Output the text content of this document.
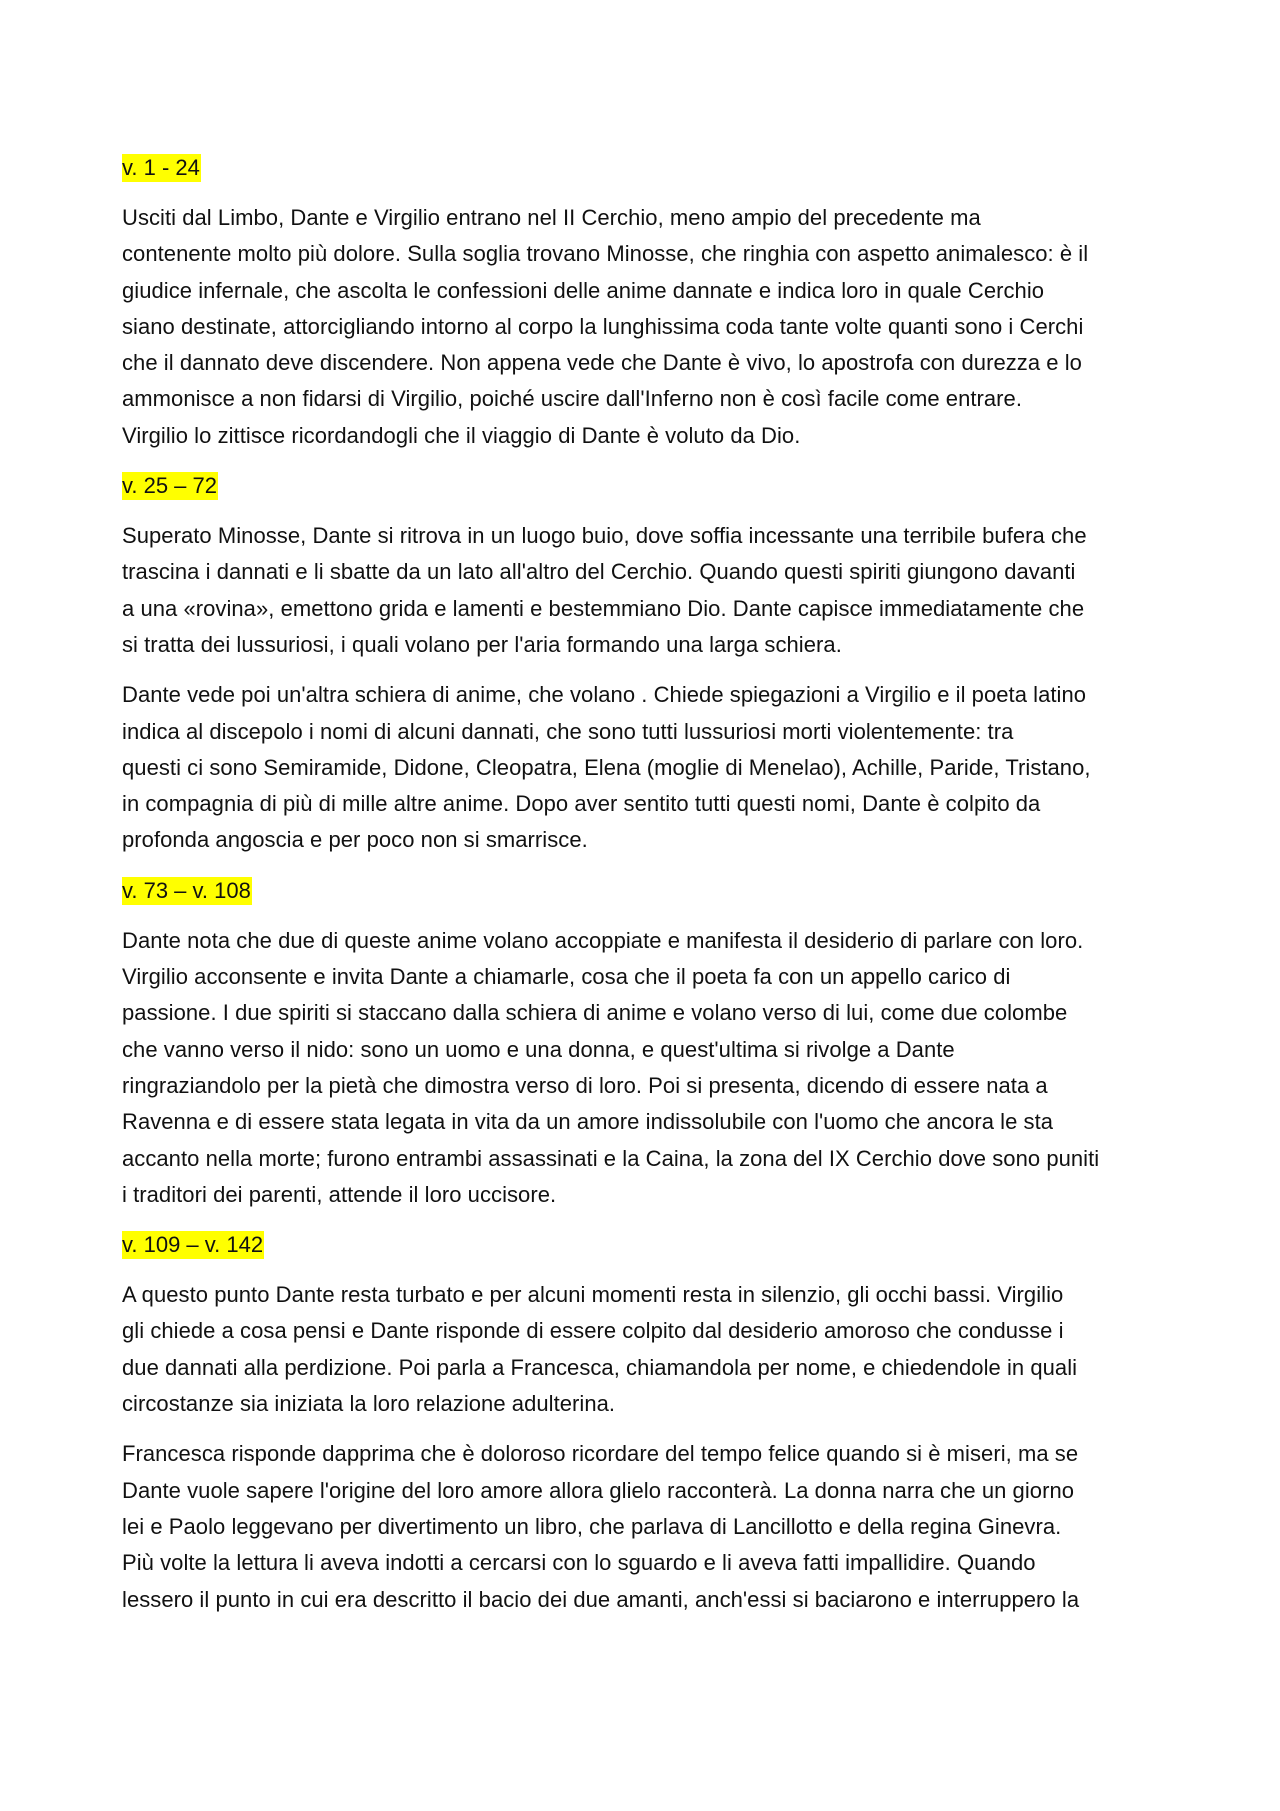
v. 1 - 24
Usciti dal Limbo, Dante e Virgilio entrano nel II Cerchio, meno ampio del precedente ma
contenente molto più dolore. Sulla soglia trovano Minosse, che ringhia con aspetto animalesco: è il
giudice infernale, che ascolta le confessioni delle anime dannate e indica loro in quale Cerchio
siano destinate, attorcigliando intorno al corpo la lunghissima coda tante volte quanti sono i Cerchi
che il dannato deve discendere. Non appena vede che Dante è vivo, lo apostrofa con durezza e lo
ammonisce a non fidarsi di Virgilio, poiché uscire dall'Inferno non è così facile come entrare.
Virgilio lo zittisce ricordandogli che il viaggio di Dante è voluto da Dio.
v. 25 – 72
Superato Minosse, Dante si ritrova in un luogo buio, dove soffia incessante una terribile bufera che
trascina i dannati e li sbatte da un lato all'altro del Cerchio. Quando questi spiriti giungono davanti
a una «rovina», emettono grida e lamenti e bestemmiano Dio. Dante capisce immediatamente che
si tratta dei lussuriosi, i quali volano per l'aria formando una larga schiera.
Dante vede poi un'altra schiera di anime, che volano . Chiede spiegazioni a Virgilio e il poeta latino
indica al discepolo i nomi di alcuni dannati, che sono tutti lussuriosi morti violentemente: tra
questi ci sono Semiramide, Didone, Cleopatra, Elena (moglie di Menelao), Achille, Paride, Tristano,
in compagnia di più di mille altre anime. Dopo aver sentito tutti questi nomi, Dante è colpito da
profonda angoscia e per poco non si smarrisce.
v. 73 – v. 108
Dante nota che due di queste anime volano accoppiate e manifesta il desiderio di parlare con loro.
Virgilio acconsente e invita Dante a chiamarle, cosa che il poeta fa con un appello carico di
passione. I due spiriti si staccano dalla schiera di anime e volano verso di lui, come due colombe
che vanno verso il nido: sono un uomo e una donna, e quest'ultima si rivolge a Dante
ringraziandolo per la pietà che dimostra verso di loro. Poi si presenta, dicendo di essere nata a
Ravenna e di essere stata legata in vita da un amore indissolubile con l'uomo che ancora le sta
accanto nella morte; furono entrambi assassinati e la Caina, la zona del IX Cerchio dove sono puniti
i traditori dei parenti, attende il loro uccisore.
v. 109 – v. 142
A questo punto Dante resta turbato e per alcuni momenti resta in silenzio, gli occhi bassi. Virgilio
gli chiede a cosa pensi e Dante risponde di essere colpito dal desiderio amoroso che condusse i
due dannati alla perdizione. Poi parla a Francesca, chiamandola per nome, e chiedendole in quali
circostanze sia iniziata la loro relazione adulterina.
Francesca risponde dapprima che è doloroso ricordare del tempo felice quando si è miseri, ma se
Dante vuole sapere l'origine del loro amore allora glielo racconterà. La donna narra che un giorno
lei e Paolo leggevano per divertimento un libro, che parlava di Lancillotto e della regina Ginevra.
Più volte la lettura li aveva indotti a cercarsi con lo sguardo e li aveva fatti impallidire. Quando
lessero il punto in cui era descritto il bacio dei due amanti, anch'essi si baciarono e interruppero la
